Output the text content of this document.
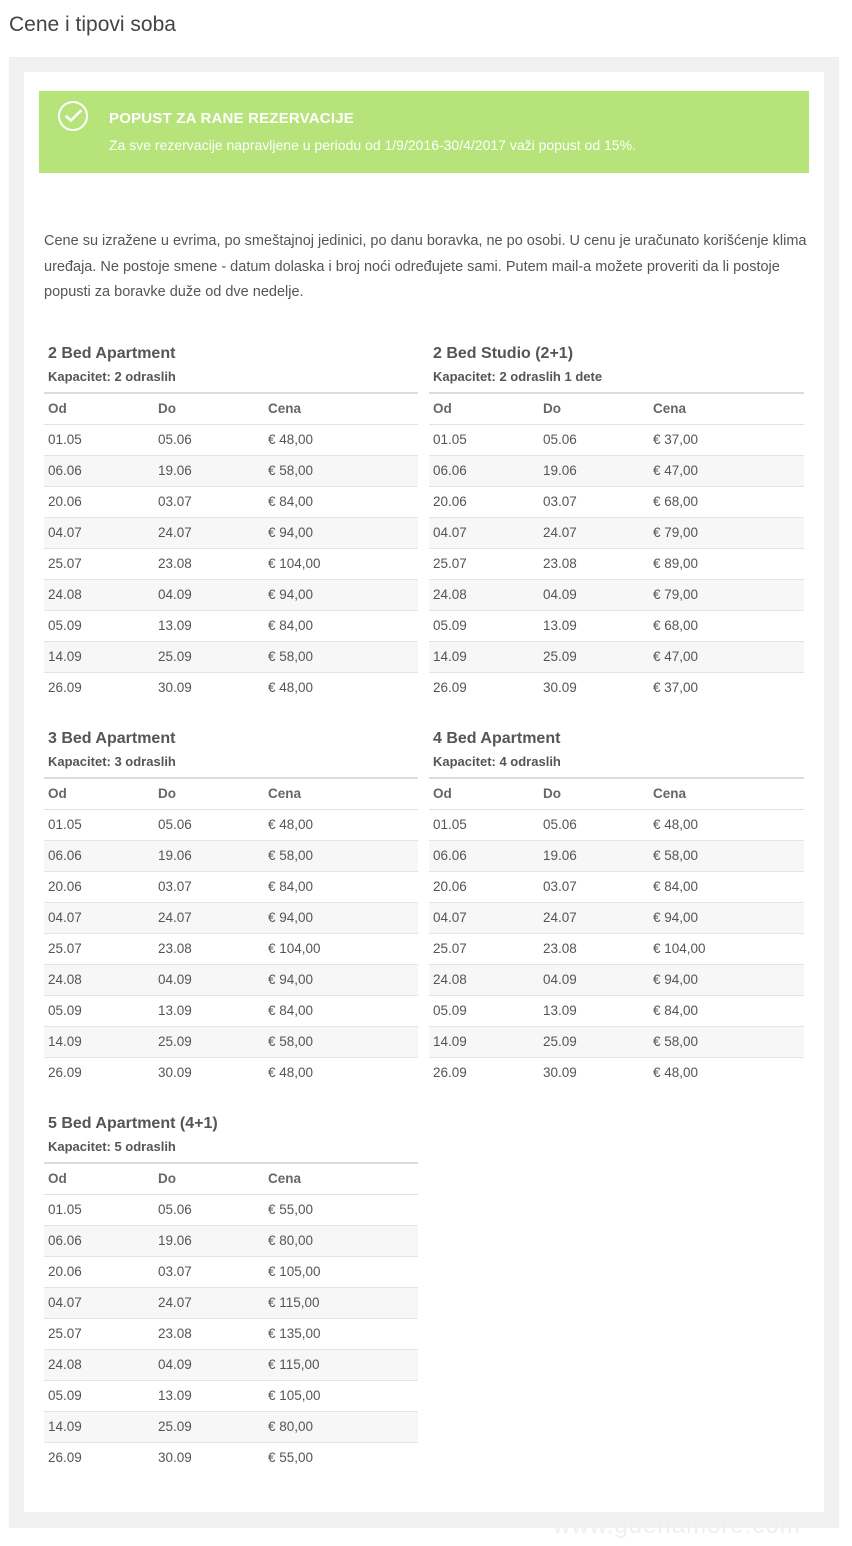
Cene i tipovi soba
POPUST ZA RANE REZERVACIJE
Za sve rezervacije napravljene u periodu od 1/9/2016-30/4/2017 važi popust od 15%.

Cene su izražene u evrima, po smeštajnoj jedinici, po danu boravka, ne po osobi. U cenu je uračunato korišćenje klima uređaja. Ne postoje smene - datum dolaska i broj noći određujete sami. Putem mail-a možete proveriti da li postoje popusti za boravke duže od dve nedelje.

2 Bed Apartment
Kapacitet: 2 odraslih
Od	Do	Cena
01.05	05.06	€ 48,00
06.06	19.06	€ 58,00
20.06	03.07	€ 84,00
04.07	24.07	€ 94,00
25.07	23.08	€ 104,00
24.08	04.09	€ 94,00
05.09	13.09	€ 84,00
14.09	25.09	€ 58,00
26.09	30.09	€ 48,00
2 Bed Studio (2+1)
Kapacitet: 2 odraslih 1 dete
Od	Do	Cena
01.05	05.06	€ 37,00
06.06	19.06	€ 47,00
20.06	03.07	€ 68,00
04.07	24.07	€ 79,00
25.07	23.08	€ 89,00
24.08	04.09	€ 79,00
05.09	13.09	€ 68,00
14.09	25.09	€ 47,00
26.09	30.09	€ 37,00
3 Bed Apartment
Kapacitet: 3 odraslih
Od	Do	Cena
01.05	05.06	€ 48,00
06.06	19.06	€ 58,00
20.06	03.07	€ 84,00
04.07	24.07	€ 94,00
25.07	23.08	€ 104,00
24.08	04.09	€ 94,00
05.09	13.09	€ 84,00
14.09	25.09	€ 58,00
26.09	30.09	€ 48,00
4 Bed Apartment
Kapacitet: 4 odraslih
Od	Do	Cena
01.05	05.06	€ 48,00
06.06	19.06	€ 58,00
20.06	03.07	€ 84,00
04.07	24.07	€ 94,00
25.07	23.08	€ 104,00
24.08	04.09	€ 94,00
05.09	13.09	€ 84,00
14.09	25.09	€ 58,00
26.09	30.09	€ 48,00
5 Bed Apartment (4+1)
Kapacitet: 5 odraslih
Od	Do	Cena
01.05	05.06	€ 55,00
06.06	19.06	€ 80,00
20.06	03.07	€ 105,00
04.07	24.07	€ 115,00
25.07	23.08	€ 135,00
24.08	04.09	€ 115,00
05.09	13.09	€ 105,00
14.09	25.09	€ 80,00
26.09	30.09	€ 55,00
www.gdenamore.com
